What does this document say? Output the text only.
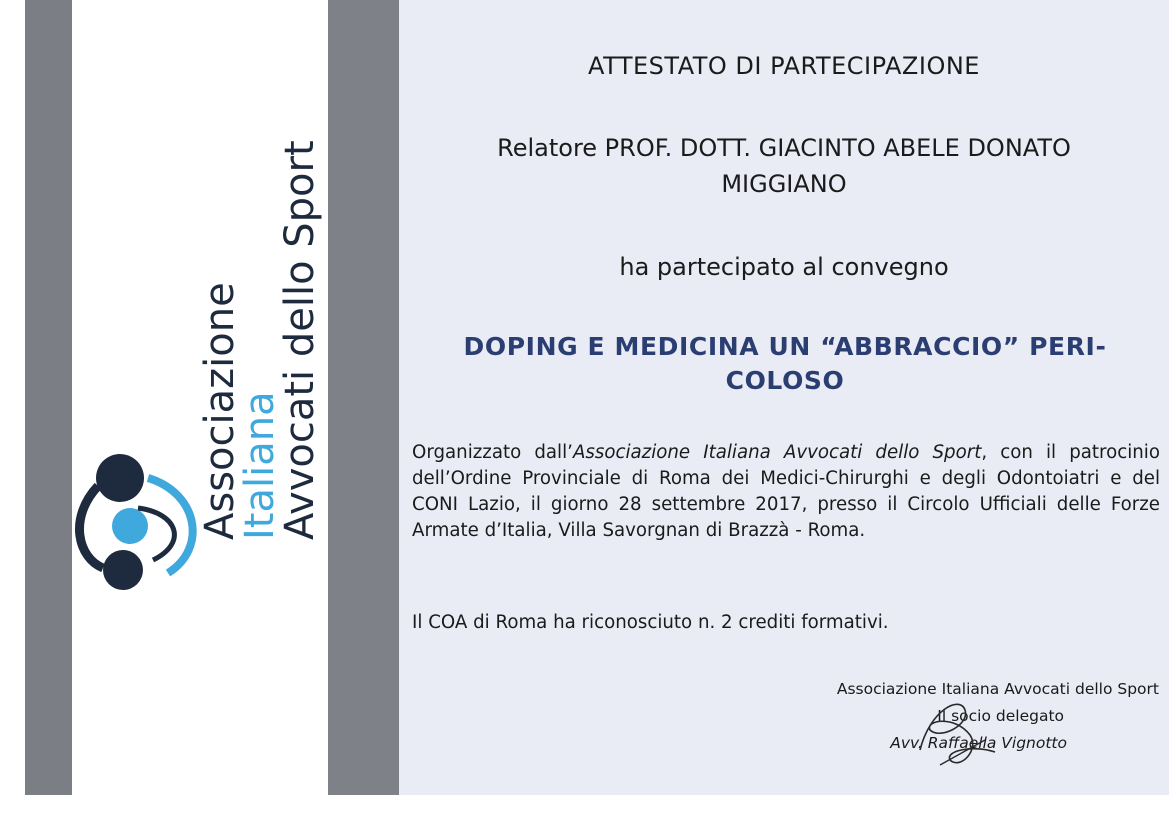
Associazione
Italiana
Avvocati dello Sport
ATTESTATO DI PARTECIPAZIONE
Relatore PROF. DOTT. GIACINTO ABELE DONATO
MIGGIANO
ha partecipato al convegno
DOPING E MEDICINA UN “ABBRACCIO” PERI-
COLOSO
Organizzato dall’Associazione Italiana Avvocati dello Sport, con il patrocinio dell’Ordine Provinciale di Roma dei Medici-Chirurghi e degli Odontoiatri e del CONI Lazio, il giorno 28 settembre 2017, presso il Circolo Ufficiali delle Forze Armate d’Italia, Villa Savorgnan di Brazzà - Roma.
Il COA di Roma ha riconosciuto n. 2 crediti formativi.
Associazione Italiana Avvocati dello Sport
Il socio delegato
Avv. Raffaella Vignotto
